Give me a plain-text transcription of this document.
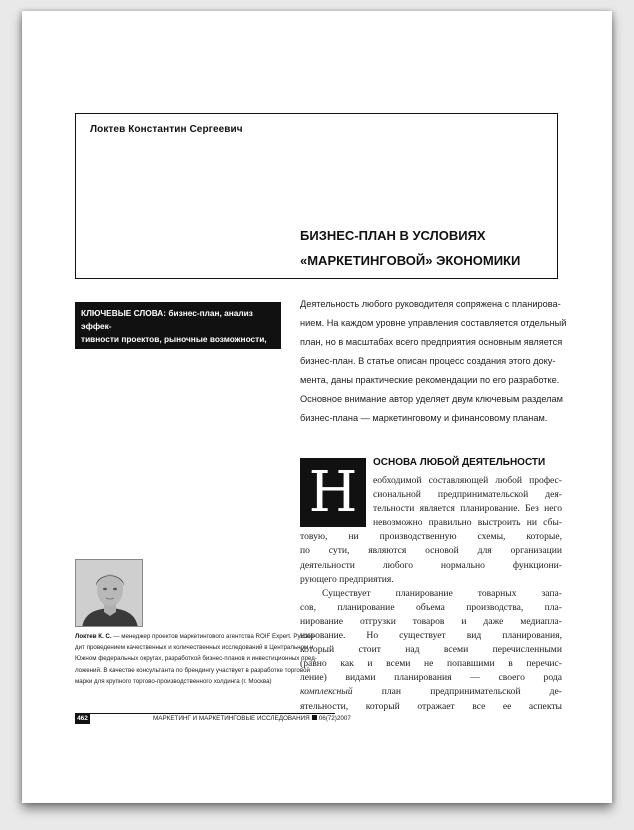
Локтев Константин Сергеевич
БИЗНЕС-ПЛАН В УСЛОВИЯХ
«МАРКЕТИНГОВОЙ» ЭКОНОМИКИ
КЛЮЧЕВЫЕ СЛОВА: бизнес-план, анализ эффек-
тивности проектов, рыночные возможности,
маркетинговая стратегия, комплекс маркетинга
Деятельность любого руководителя сопряжена с планирова-
нием. На каждом уровне управления составляется отдельный
план, но в масштабах всего предприятия основным является
бизнес-план. В статье описан процесс создания этого доку-
мента, даны практические рекомендации по его разработке.
Основное внимание автор уделяет двум ключевым разделам
бизнес-плана — маркетинговому и финансовому планам.
Н	ОСНОВА ЛЮБОЙ ДЕЯТЕЛЬНОСТИ
еобходимой составляющей любой профес-
сиональной предпринимательской дея-
тельности является планирование. Без него
невозможно правильно выстроить ни сбы-
товую, ни производственную схемы, которые,
по сути, являются основой для организации
деятельности любого нормально функциони-
рующего предприятия.
Существует планирование товарных запа-
сов, планирование объема производства, пла-
нирование отгрузки товаров и даже медиапла-
нирование. Но существует вид планирования,
который стоит над всеми перечисленными
(равно как и всеми не попавшими в перечис-
ление) видами планирования — своего рода
комплексный план предпринимательской де-
ятельности, который отражает все ее аспекты
Локтев К. С. — менеджер проектов маркетингового агентства ROIF Expert. Руково-
дит проведением качественных и количественных исследований в Центральном и
Южном федеральных округах, разработкой бизнес-планов и инвестиционных пред-
ложений. В качестве консультанта по брендингу участвует в разработке торговой
марки для крупного торгово-производственного холдинга (г. Москва)
462	МАРКЕТИНГ И МАРКЕТИНГОВЫЕ ИССЛЕДОВАНИЯ 06(72)2007
